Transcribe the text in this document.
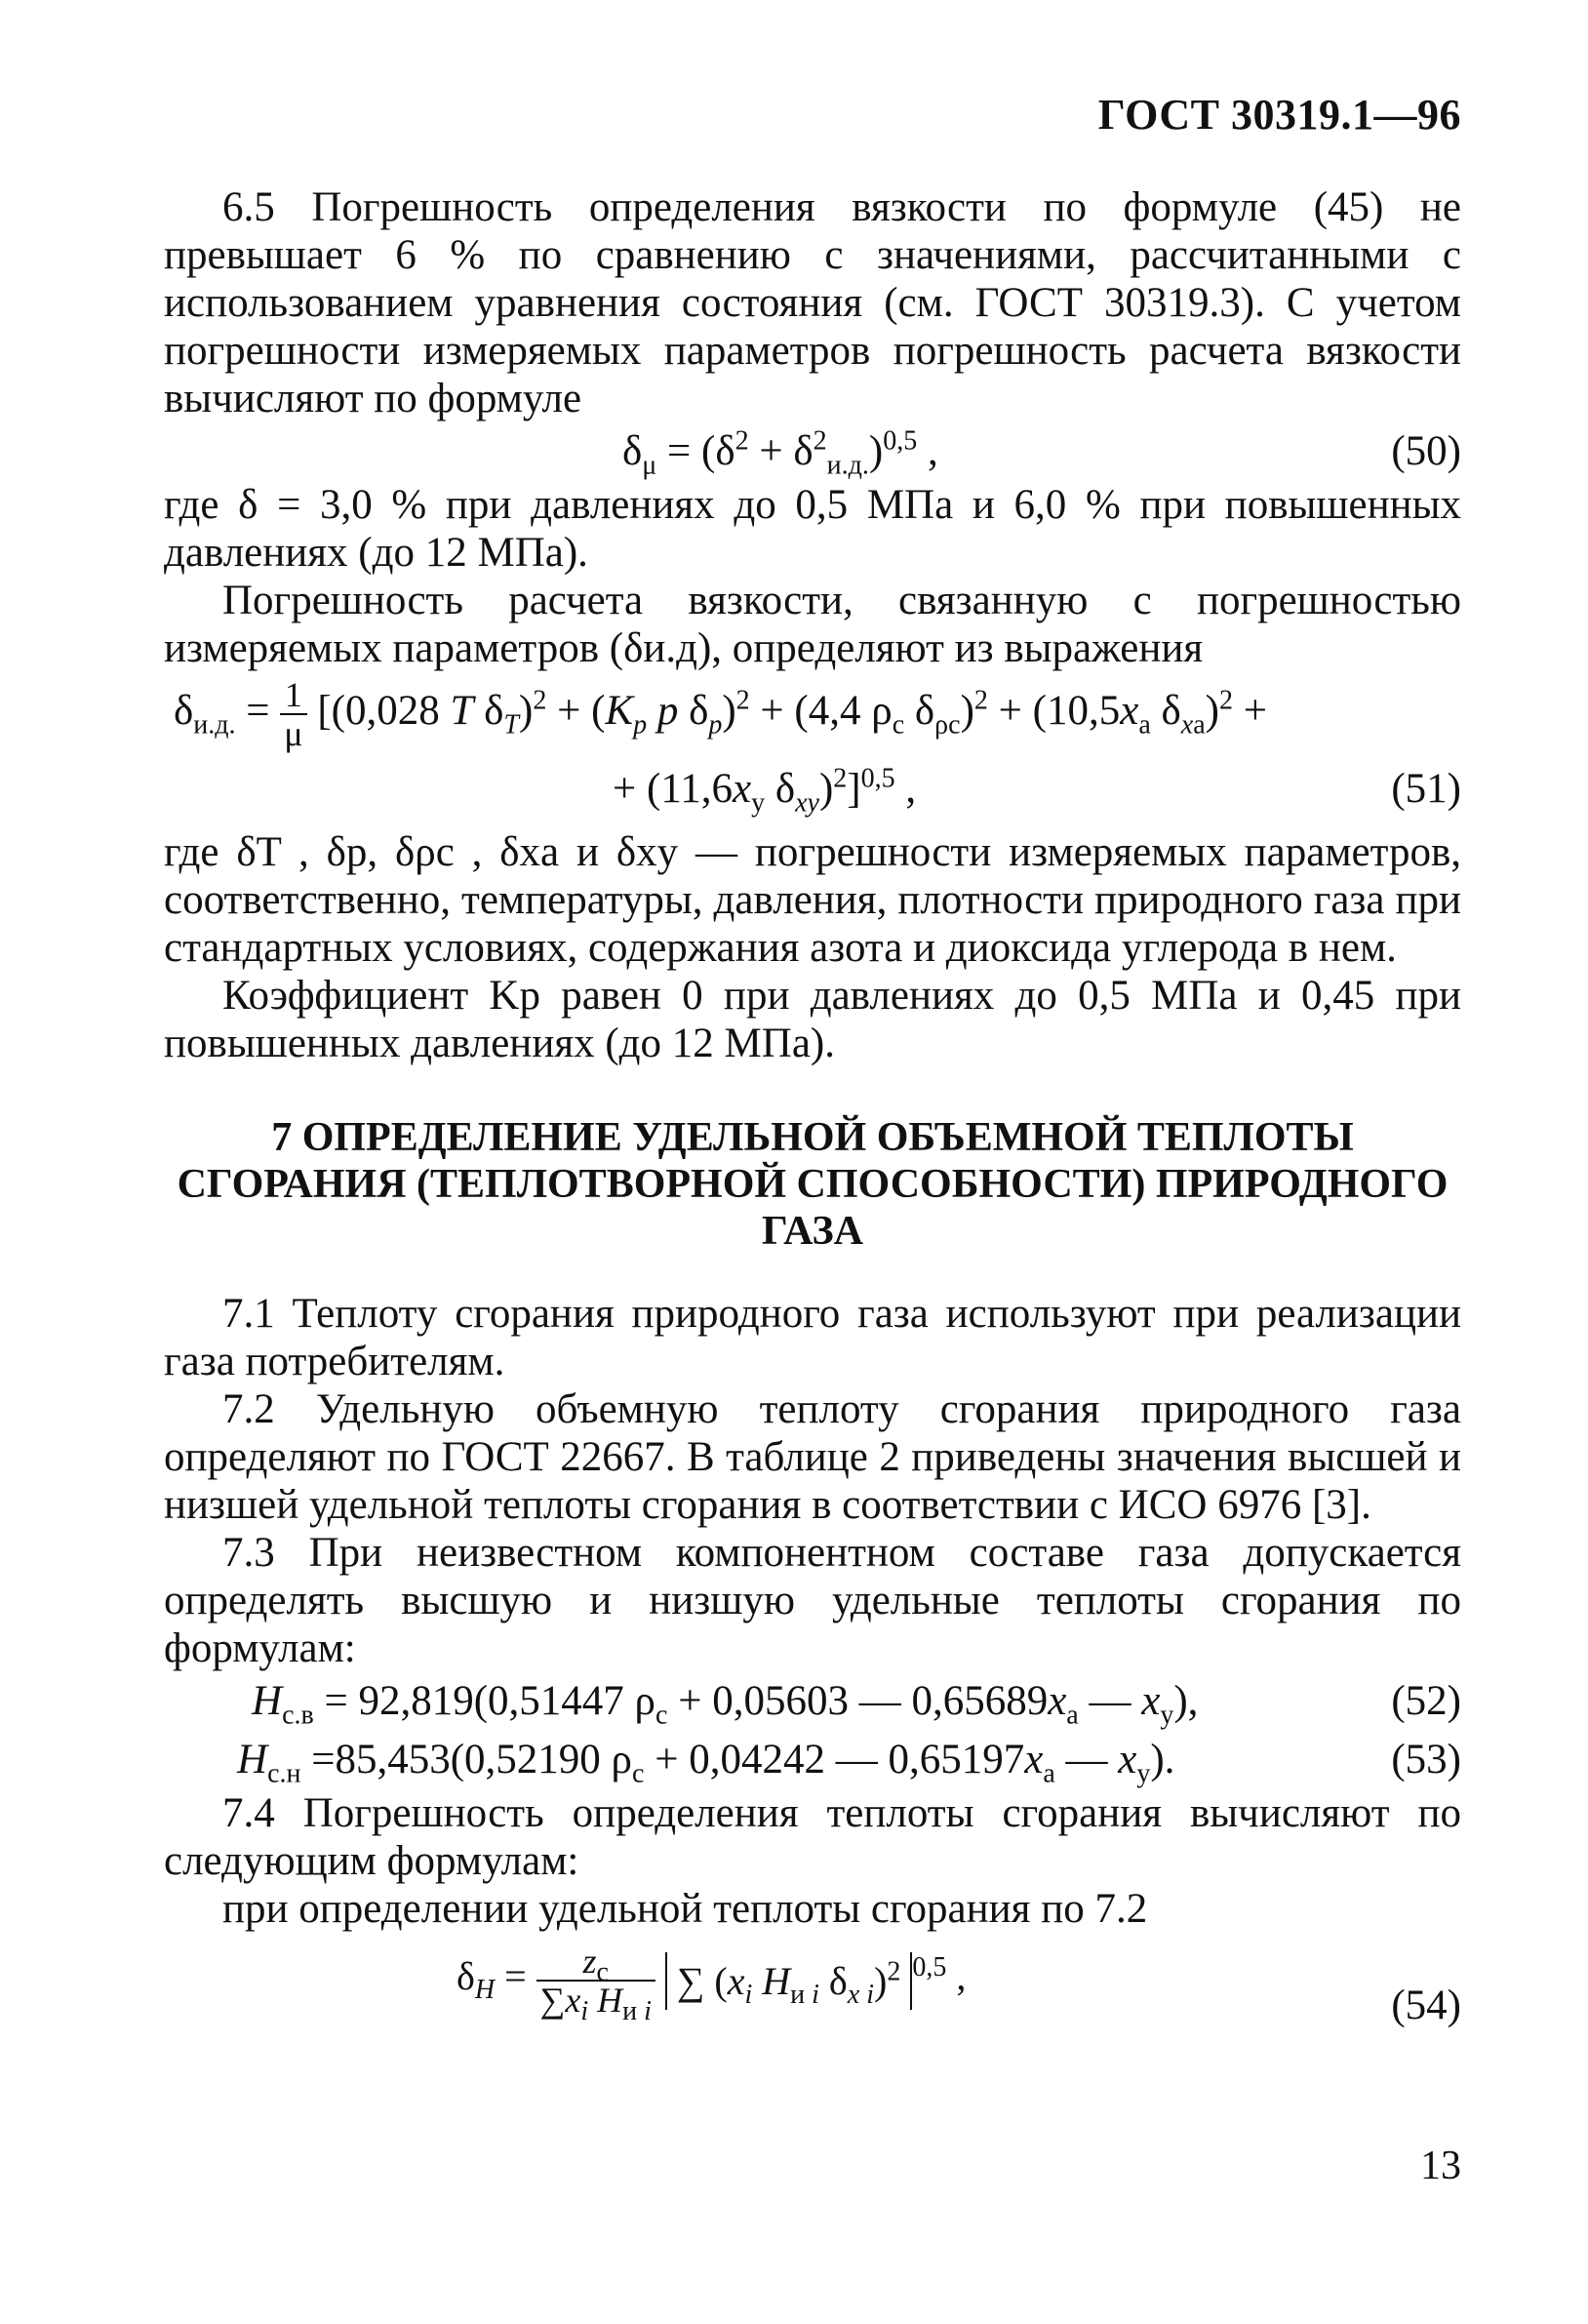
ГОСТ 30319.1—96

6.5 Погрешность определения вязкости по формуле (45) не превышает 6 % по сравнению с значениями, рассчитанными с использованием уравнения состояния (см. ГОСТ 30319.3). С учетом погрешности измеряемых параметров погрешность расчета вязкости вычисляют по формуле

$\delta_\mu = (\delta^2 + \delta^2_{и.д.})^{0,5}$ ,	(50)

где δ = 3,0 % при давлениях до 0,5 МПа и 6,0 % при повышенных давлениях (до 12 МПа).

Погрешность расчета вязкости, связанную с погрешностью измеряемых параметров (δи.д), определяют из выражения

$\delta_{и.д.} = \frac{1}{\mu} [(0,028$ T $\delta_T)^2 + (K_p$ p $\delta_p)^2 + (4,4$ $\rho_c$ $\delta_{\rho c})^2 + (10,5x_a$ $\delta_{xa})^2$ +
+ ($11,6x_y$ $\delta_{xy})^2]^{0,5}$ ,	(51)

где δT , δp, δρc , δxa и δxy — погрешности измеряемых параметров, соответственно, температуры, давления, плотности природного газа при стандартных условиях, содержания азота и диоксида углерода в нем.

Коэффициент Kp равен 0 при давлениях до 0,5 МПа и 0,45 при повышенных давлениях (до 12 МПа).

7 ОПРЕДЕЛЕНИЕ УДЕЛЬНОЙ ОБЪЕМНОЙ ТЕПЛОТЫ СГОРАНИЯ (ТЕПЛОТВОРНОЙ СПОСОБНОСТИ) ПРИРОДНОГО ГАЗА

7.1 Теплоту сгорания природного газа используют при реализации газа потребителям.

7.2 Удельную объемную теплоту сгорания природного газа определяют по ГОСТ 22667. В таблице 2 приведены значения высшей и низшей удельной теплоты сгорания в соответствии с ИСО 6976 [3].

7.3 При неизвестном компонентном составе газа допускается определять высшую и низшую удельные теплоты сгорания по формулам:

$H_{с.в} = 92,819(0,51447$ $\rho_c + 0,05603$ — $0,65689x_a$ — $x_y$),	(52)
$H_{с.н} =85,453(0,52190$ $\rho_c + 0,04242$ — $0,65197x_a$ — $x_y$).	(53)

7.4 Погрешность определения теплоты сгорания вычисляют по следующим формулам:

при определении удельной теплоты сгорания по 7.2

$\delta_H = \frac{z_c}{\sum x_i H_{и i}}$ ∑ ($x_i$ $H_{и i}$ $\delta_{x i})^2$ $^{0,5}$ ,
(54)
13
